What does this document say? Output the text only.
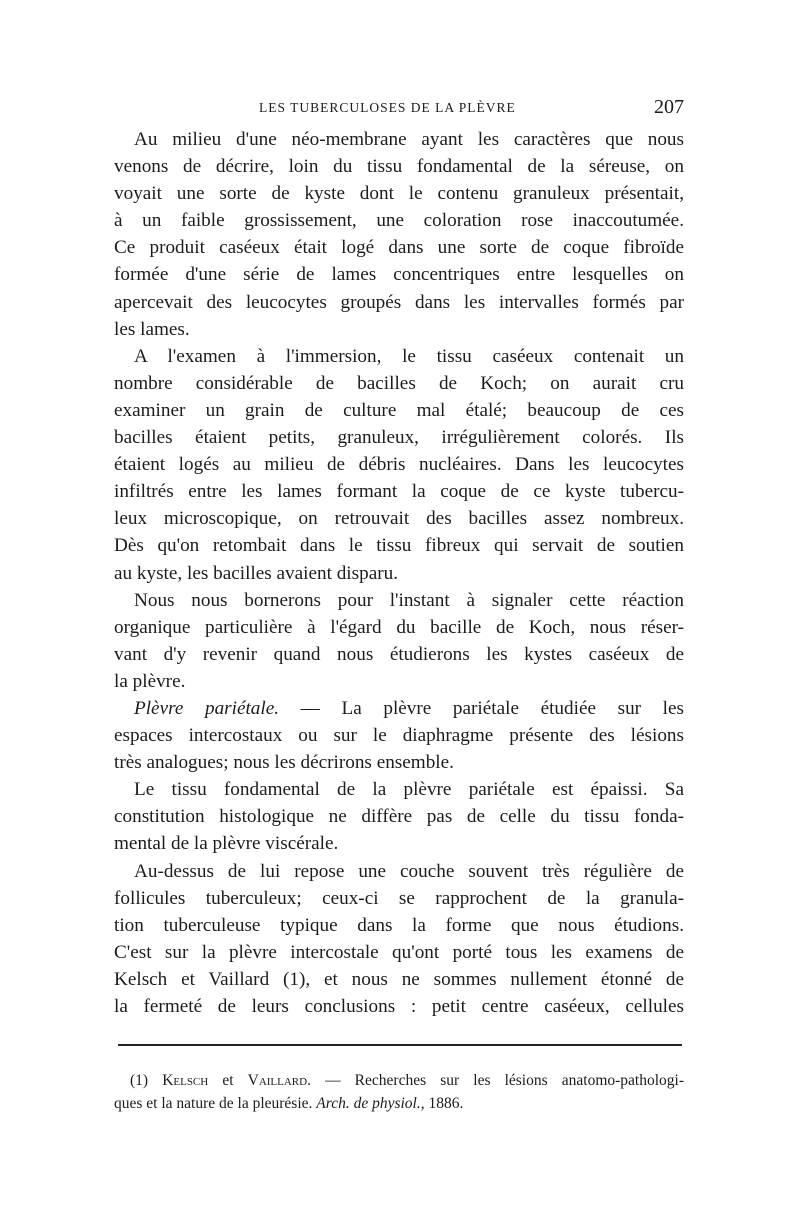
LES TUBERCULOSES DE LA PLÈVRE	207
Au milieu d'une néo-membrane ayant les caractères que nous
venons de décrire, loin du tissu fondamental de la séreuse, on
voyait une sorte de kyste dont le contenu granuleux présentait,
à un faible grossissement, une coloration rose inaccoutumée.
Ce produit caséeux était logé dans une sorte de coque fibroïde
formée d'une série de lames concentriques entre lesquelles on
apercevait des leucocytes groupés dans les intervalles formés par
les lames.
A l'examen à l'immersion, le tissu caséeux contenait un
nombre considérable de bacilles de Koch; on aurait cru
examiner un grain de culture mal étalé; beaucoup de ces
bacilles étaient petits, granuleux, irrégulièrement colorés. Ils
étaient logés au milieu de débris nucléaires. Dans les leucocytes
infiltrés entre les lames formant la coque de ce kyste tubercu-
leux microscopique, on retrouvait des bacilles assez nombreux.
Dès qu'on retombait dans le tissu fibreux qui servait de soutien
au kyste, les bacilles avaient disparu.
Nous nous bornerons pour l'instant à signaler cette réaction
organique particulière à l'égard du bacille de Koch, nous réser-
vant d'y revenir quand nous étudierons les kystes caséeux de
la plèvre.
Plèvre pariétale. — La plèvre pariétale étudiée sur les
espaces intercostaux ou sur le diaphragme présente des lésions
très analogues; nous les décrirons ensemble.
Le tissu fondamental de la plèvre pariétale est épaissi. Sa
constitution histologique ne diffère pas de celle du tissu fonda-
mental de la plèvre viscérale.
Au-dessus de lui repose une couche souvent très régulière de
follicules tuberculeux; ceux-ci se rapprochent de la granula-
tion tuberculeuse typique dans la forme que nous étudions.
C'est sur la plèvre intercostale qu'ont porté tous les examens de
Kelsch et Vaillard (1), et nous ne sommes nullement étonné de
la fermeté de leurs conclusions : petit centre caséeux, cellules
(1) Kelsch et Vaillard. — Recherches sur les lésions anatomo-pathologi-
ques et la nature de la pleurésie. Arch. de physiol., 1886.
